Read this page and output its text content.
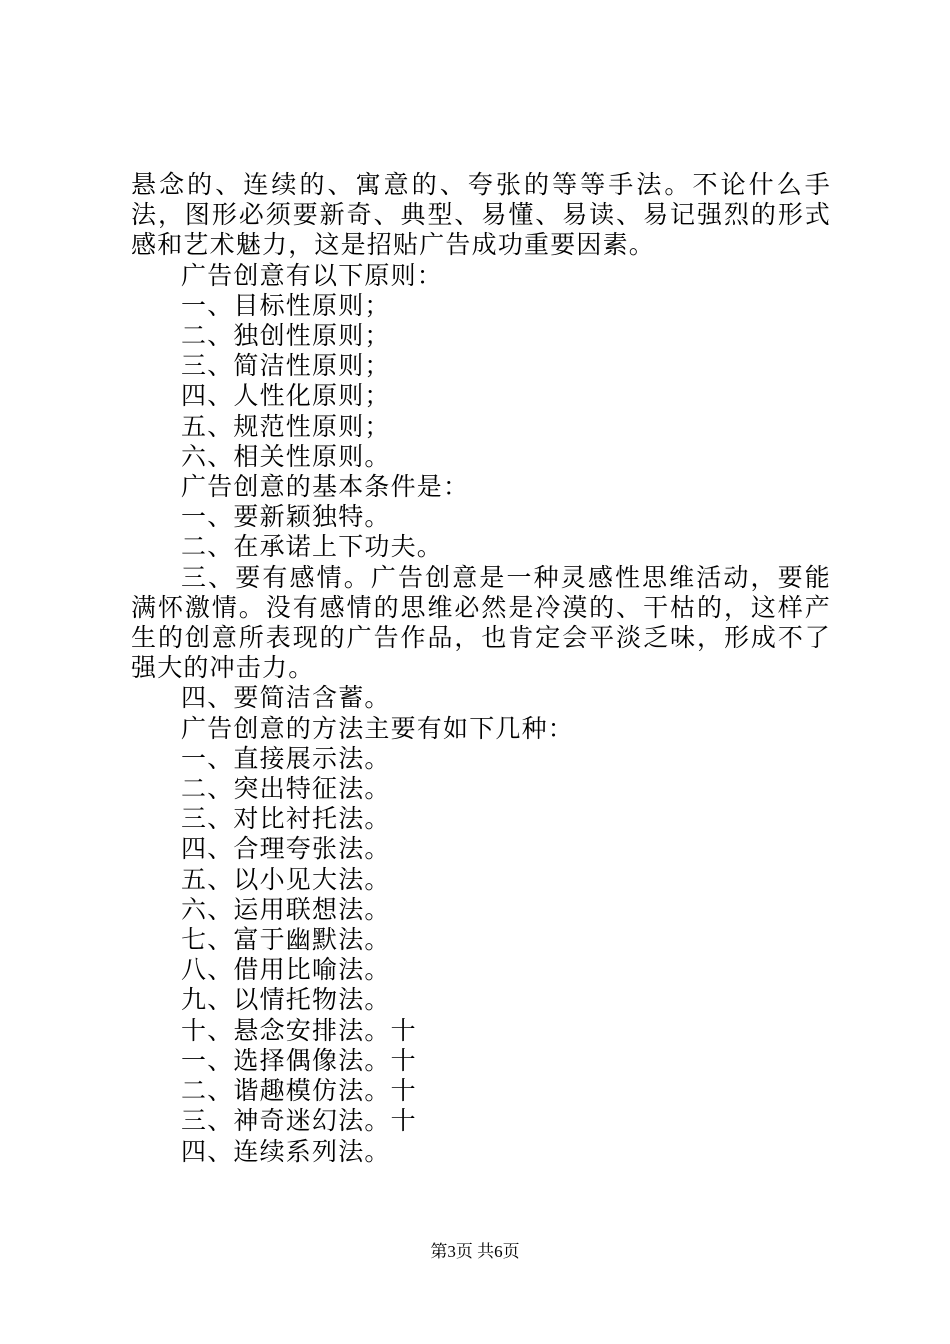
悬念的、连续的、寓意的、夸张的等等手法。不论什么手法，图形必须要新奇、典型、易懂、易读、易记强烈的形式感和艺术魅力，这是招贴广告成功重要因素。

广告创意有以下原则：

一、目标性原则；

二、独创性原则；

三、简洁性原则；

四、人性化原则；

五、规范性原则；

六、相关性原则。

广告创意的基本条件是：

一、要新颖独特。

二、在承诺上下功夫。

三、要有感情。广告创意是一种灵感性思维活动，要能满怀激情。没有感情的思维必然是冷漠的、干枯的，这样产生的创意所表现的广告作品，也肯定会平淡乏味，形成不了强大的冲击力。

四、要简洁含蓄。

广告创意的方法主要有如下几种：

一、直接展示法。

二、突出特征法。

三、对比衬托法。

四、合理夸张法。

五、以小见大法。

六、运用联想法。

七、富于幽默法。

八、借用比喻法。

九、以情托物法。

十、悬念安排法。十

一、选择偶像法。十

二、谐趣模仿法。十

三、神奇迷幻法。十

四、连续系列法。

第3页 共6页
